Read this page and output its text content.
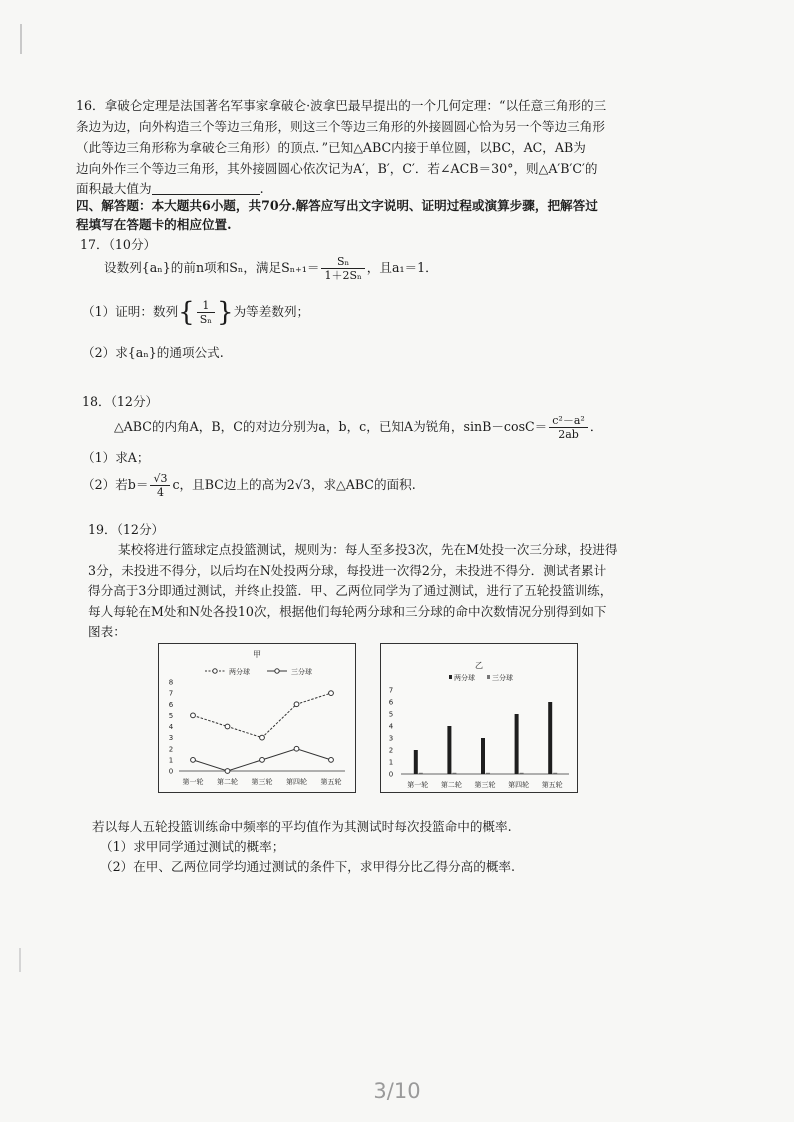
16．拿破仑定理是法国著名军事家拿破仑·波拿巴最早提出的一个几何定理：“以任意三角形的三
条边为边，向外构造三个等边三角形，则这三个等边三角形的外接圆圆心恰为另一个等边三角形
（此等边三角形称为拿破仑三角形）的顶点．”已知△ABC内接于单位圆，以BC，AC，AB为
边向外作三个等边三角形，其外接圆圆心依次记为A′，B′，C′．若∠ACB＝30°，则△A′B′C′的
面积最大值为	.
四、解答题：本大题共6小题，共70分.解答应写出文字说明、证明过程或演算步骤，把解答过
程填写在答题卡的相应位置.
17．（10分）
设数列{aₙ}的前n项和Sₙ，满足$S_{n+1}= \frac{\text{Sₙ}}{\text{1＋2Sₙ}}$ ，且a₁＝1．
（1）证明：数列{ $\frac{1}{\text{Sₙ}}$ }为等差数列；
（2）求{aₙ}的通项公式.
18．（12分）
△ABC的内角A，B，C的对边分别为a，b，c，已知A为锐角，$\sin B-\cos C= \frac{\text{c²－a²}}{2ab}$ ．
（1）求A；
（2）若$b= \frac{√3}{4}$ c，且BC边上的高为2√3，求△ABC的面积.
19．（12分）
某校将进行篮球定点投篮测试，规则为：每人至多投3次，先在M处投一次三分球，投进得
3分，未投进不得分，以后均在N处投两分球，每投进一次得2分，未投进不得分．测试者累计
得分高于3分即通过测试，并终止投篮．甲、乙两位同学为了通过测试，进行了五轮投篮训练，
每人每轮在M处和N处各投10次，根据他们每轮两分球和三分球的命中次数情况分别得到如下
图表：
甲
两分球	三分球
0
1
2
3
4
5
6
7
8
第一轮 第二轮 第三轮 第四轮 第五轮
乙
两分球 三分球
0
1
2
3
4
5
6
7
第一轮 第二轮 第三轮 第四轮 第五轮
若以每人五轮投篮训练命中频率的平均值作为其测试时每次投篮命中的概率.
（1）求甲同学通过测试的概率；
（2）在甲、乙两位同学均通过测试的条件下，求甲得分比乙得分高的概率.
3/10
